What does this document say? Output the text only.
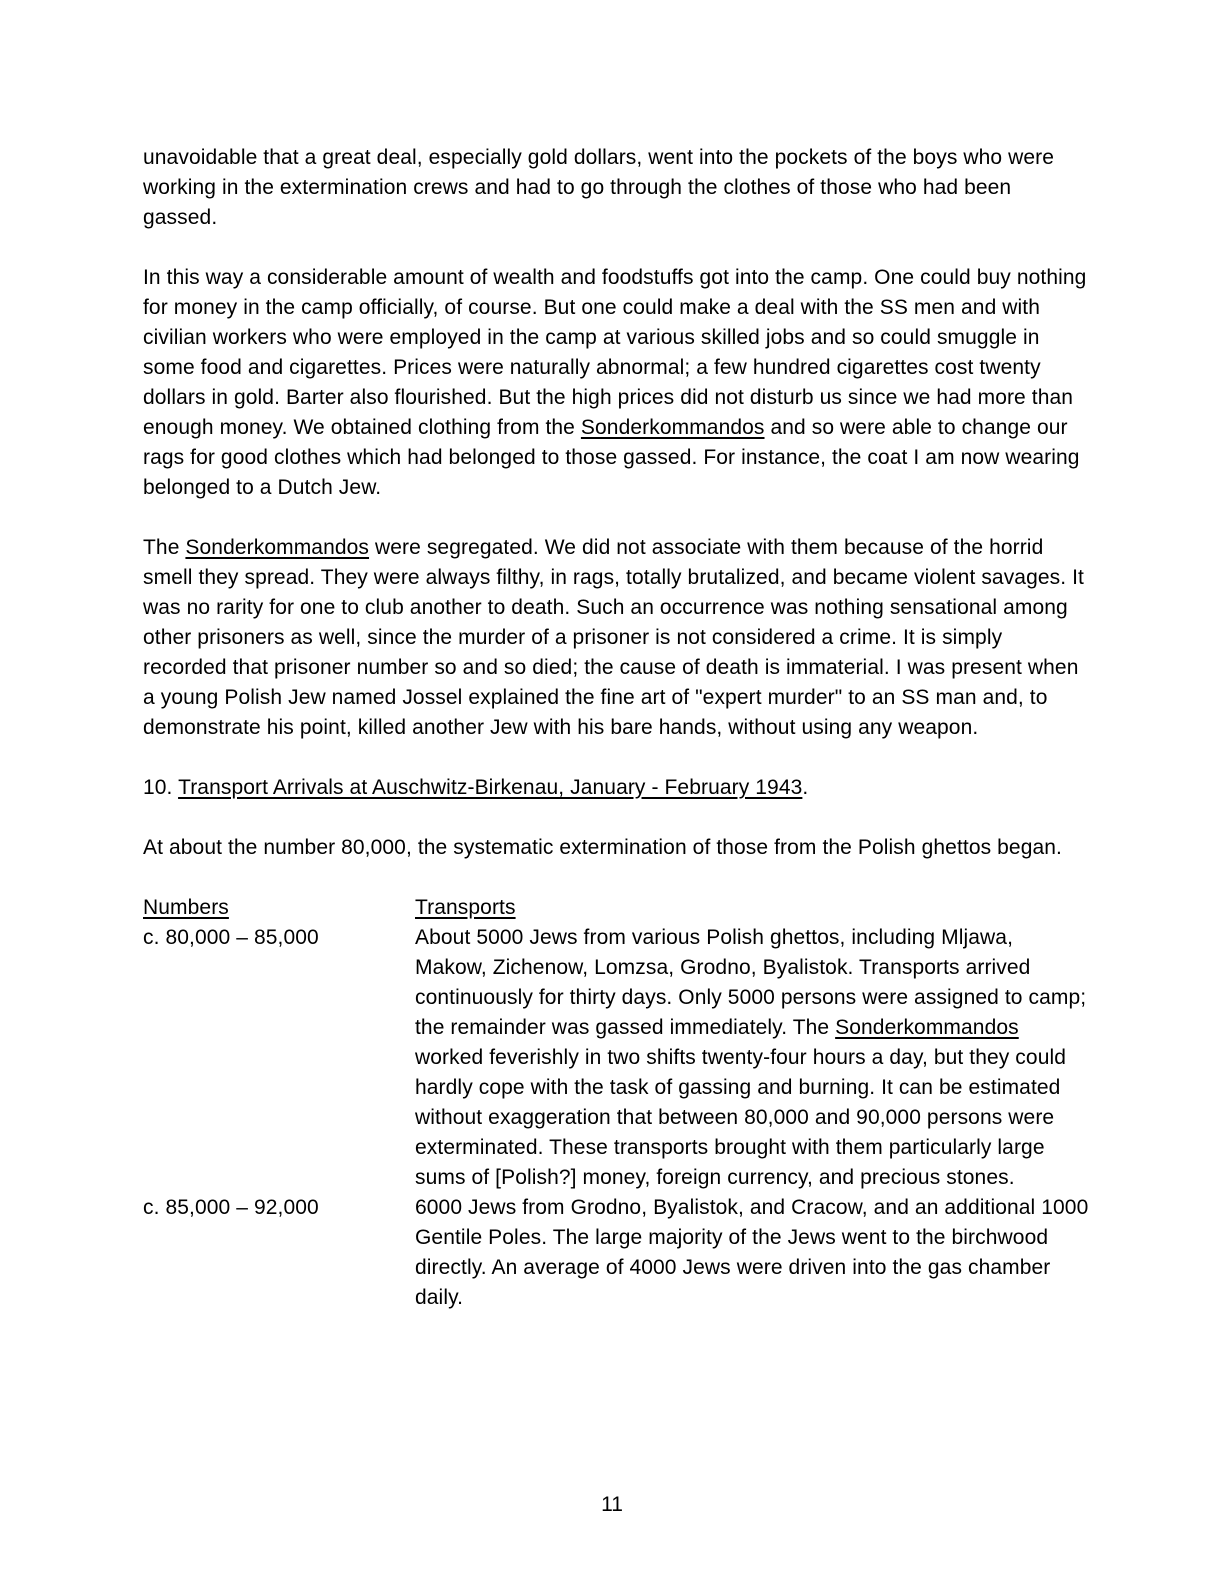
unavoidable that a great deal, especially gold dollars, went into the pockets of the boys who were working in the extermination crews and had to go through the clothes of those who had been gassed.

In this way a considerable amount of wealth and foodstuffs got into the camp. One could buy nothing for money in the camp officially, of course. But one could make a deal with the SS men and with civilian workers who were employed in the camp at various skilled jobs and so could smuggle in some food and cigarettes. Prices were naturally abnormal; a few hundred cigarettes cost twenty dollars in gold. Barter also flourished. But the high prices did not disturb us since we had more than enough money. We obtained clothing from the Sonderkommandos and so were able to change our rags for good clothes which had belonged to those gassed. For instance, the coat I am now wearing belonged to a Dutch Jew.

The Sonderkommandos were segregated. We did not associate with them because of the horrid smell they spread. They were always filthy, in rags, totally brutalized, and became violent savages. It was no rarity for one to club another to death. Such an occurrence was nothing sensational among other prisoners as well, since the murder of a prisoner is not considered a crime. It is simply recorded that prisoner number so and so died; the cause of death is immaterial. I was present when a young Polish Jew named Jossel explained the fine art of "expert murder" to an SS man and, to demonstrate his point, killed another Jew with his bare hands, without using any weapon.

10. Transport Arrivals at Auschwitz-Birkenau, January - February 1943.

At about the number 80,000, the systematic extermination of those from the Polish ghettos began.

Numbers	Transports
c. 80,000 – 85,000	About 5000 Jews from various Polish ghettos, including Mljawa, Makow, Zichenow, Lomzsa, Grodno, Byalistok. Transports arrived continuously for thirty days. Only 5000 persons were assigned to camp; the remainder was gassed immediately. The Sonderkommandos worked feverishly in two shifts twenty-four hours a day, but they could hardly cope with the task of gassing and burning. It can be estimated without exaggeration that between 80,000 and 90,000 persons were exterminated. These transports brought with them particularly large sums of [Polish?] money, foreign currency, and precious stones.
c. 85,000 – 92,000	6000 Jews from Grodno, Byalistok, and Cracow, and an additional 1000 Gentile Poles. The large majority of the Jews went to the birchwood directly. An average of 4000 Jews were driven into the gas chamber daily.
11
